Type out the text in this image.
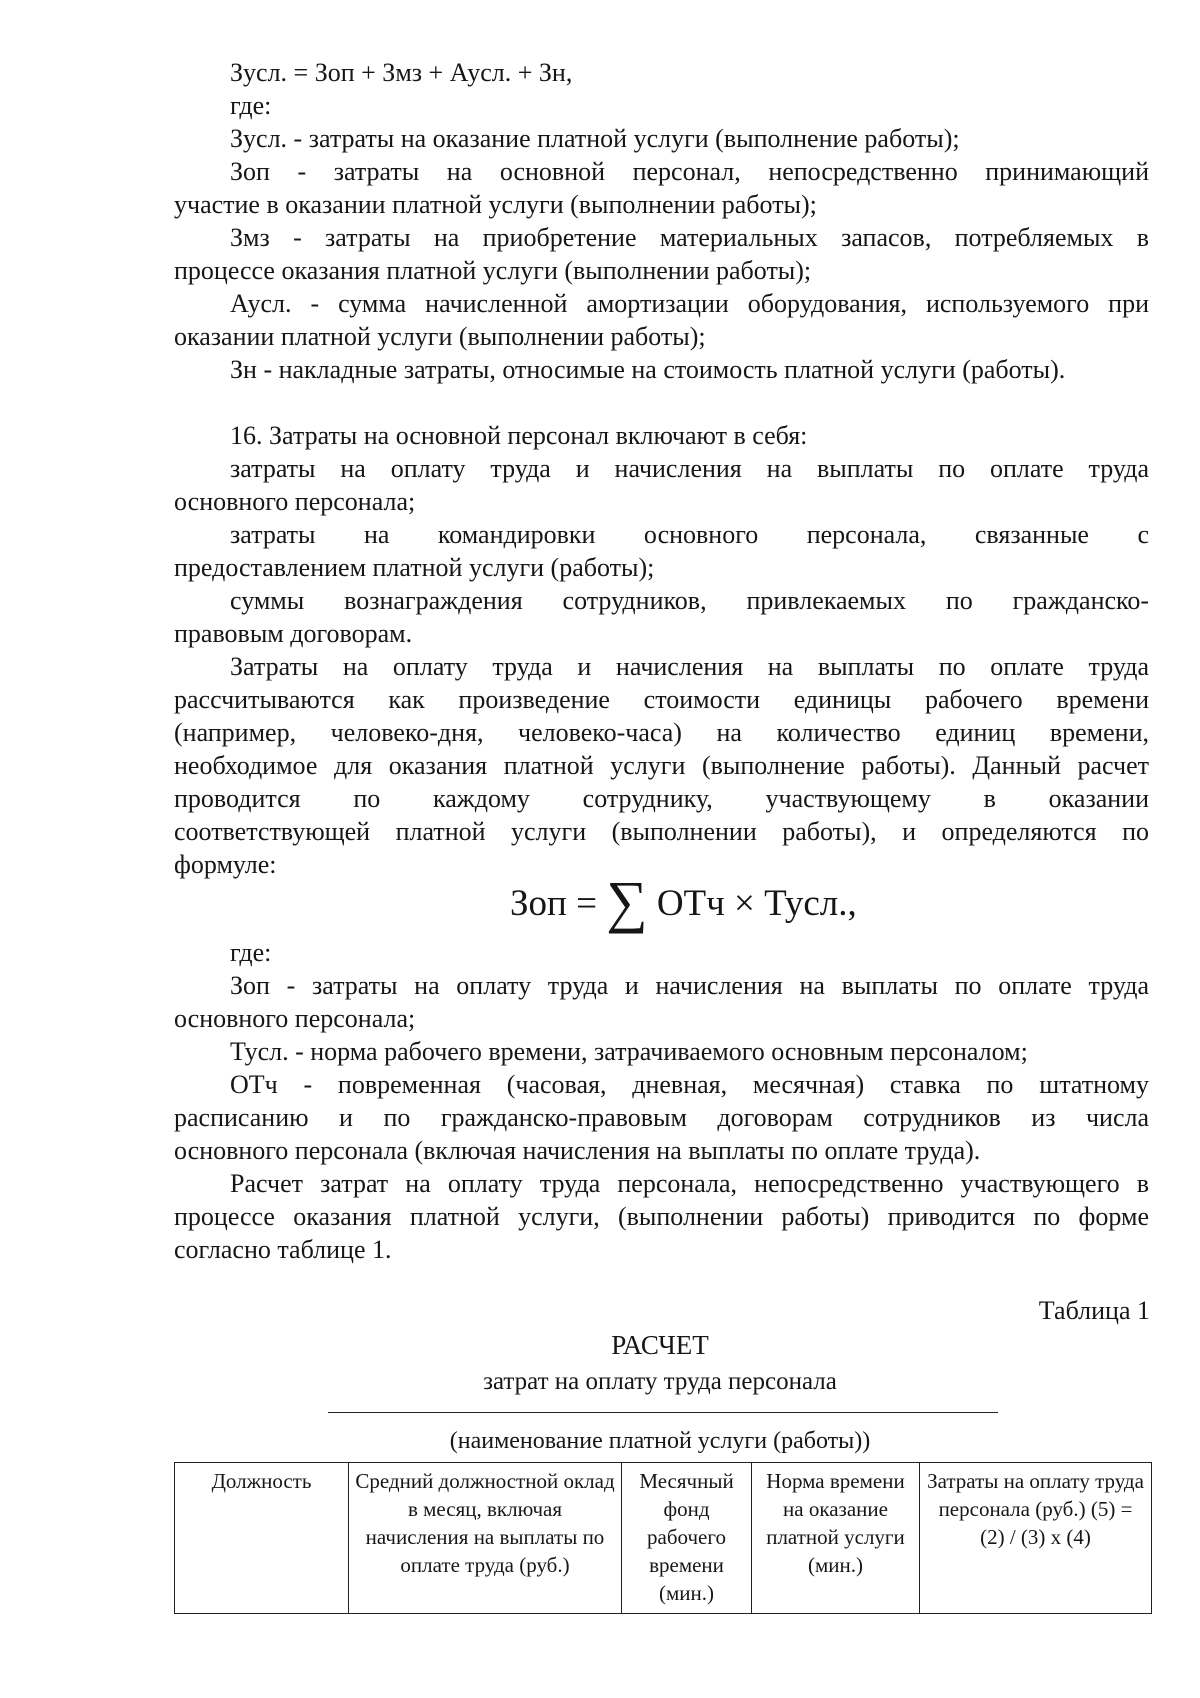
Зусл. = Зоп + Змз + Аусл. + Зн,
где:
Зусл. - затраты на оказание платной услуги (выполнение работы);
Зоп - затраты на основной персонал, непосредственно принимающий
участие в оказании платной услуги (выполнении работы);
Змз - затраты на приобретение материальных запасов, потребляемых в
процессе оказания платной услуги (выполнении работы);
Аусл. - сумма начисленной амортизации оборудования, используемого при
оказании платной услуги (выполнении работы);
Зн - накладные затраты, относимые на стоимость платной услуги (работы).
16. Затраты на основной персонал включают в себя:
затраты на оплату труда и начисления на выплаты по оплате труда
основного персонала;
затраты на командировки основного персонала, связанные с
предоставлением платной услуги (работы);
суммы вознаграждения сотрудников, привлекаемых по гражданско-
правовым договорам.
Затраты на оплату труда и начисления на выплаты по оплате труда
рассчитываются как произведение стоимости единицы рабочего времени
(например, человеко-дня, человеко-часа) на количество единиц времени,
необходимое для оказания платной услуги (выполнение работы). Данный расчет
проводится по каждому сотруднику, участвующему в оказании
соответствующей платной услуги (выполнении работы), и определяются по
формуле:
Зоп = ∑ ОТч × Тусл.,
где:
Зоп - затраты на оплату труда и начисления на выплаты по оплате труда
основного персонала;
Тусл. - норма рабочего времени, затрачиваемого основным персоналом;
ОТч - повременная (часовая, дневная, месячная) ставка по штатному
расписанию и по гражданско-правовым договорам сотрудников из числа
основного персонала (включая начисления на выплаты по оплате труда).
Расчет затрат на оплату труда персонала, непосредственно участвующего в
процессе оказания платной услуги, (выполнении работы) приводится по форме
согласно таблице 1.
Таблица 1
РАСЧЕТ
затрат на оплату труда персонала
(наименование платной услуги (работы))
Должность	Средний должностной оклад в месяц, включая начисления на выплаты по оплате труда (руб.)	Месячный фонд рабочего времени (мин.)	Норма времени на оказание платной услуги (мин.)	Затраты на оплату труда персонала (руб.) (5) = (2) / (3) х (4)
